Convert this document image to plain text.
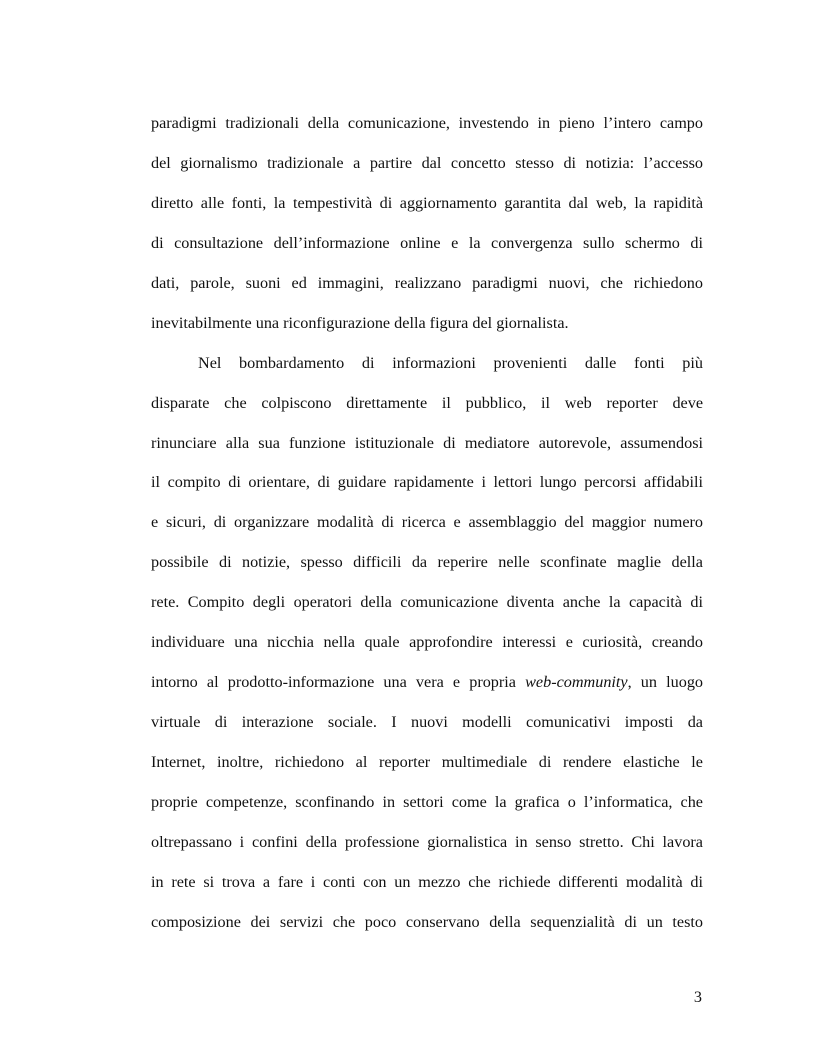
paradigmi tradizionali della comunicazione, investendo in pieno l’intero campo
del giornalismo tradizionale a partire dal concetto stesso di notizia: l’accesso
diretto alle fonti, la tempestività di aggiornamento garantita dal web, la rapidità
di consultazione dell’informazione online e la convergenza sullo schermo di
dati, parole, suoni ed immagini, realizzano paradigmi nuovi, che richiedono
inevitabilmente una riconfigurazione della figura del giornalista.
Nel bombardamento di informazioni provenienti dalle fonti più
disparate che colpiscono direttamente il pubblico, il web reporter deve
rinunciare alla sua funzione istituzionale di mediatore autorevole, assumendosi
il compito di orientare, di guidare rapidamente i lettori lungo percorsi affidabili
e sicuri, di organizzare modalità di ricerca e assemblaggio del maggior numero
possibile di notizie, spesso difficili da reperire nelle sconfinate maglie della
rete. Compito degli operatori della comunicazione diventa anche la capacità di
individuare una nicchia nella quale approfondire interessi e curiosità, creando
intorno al prodotto-informazione una vera e propria web-community, un luogo
virtuale di interazione sociale. I nuovi modelli comunicativi imposti da
Internet, inoltre, richiedono al reporter multimediale di rendere elastiche le
proprie competenze, sconfinando in settori come la grafica o l’informatica, che
oltrepassano i confini della professione giornalistica in senso stretto. Chi lavora
in rete si trova a fare i conti con un mezzo che richiede differenti modalità di
composizione dei servizi che poco conservano della sequenzialità di un testo
3
